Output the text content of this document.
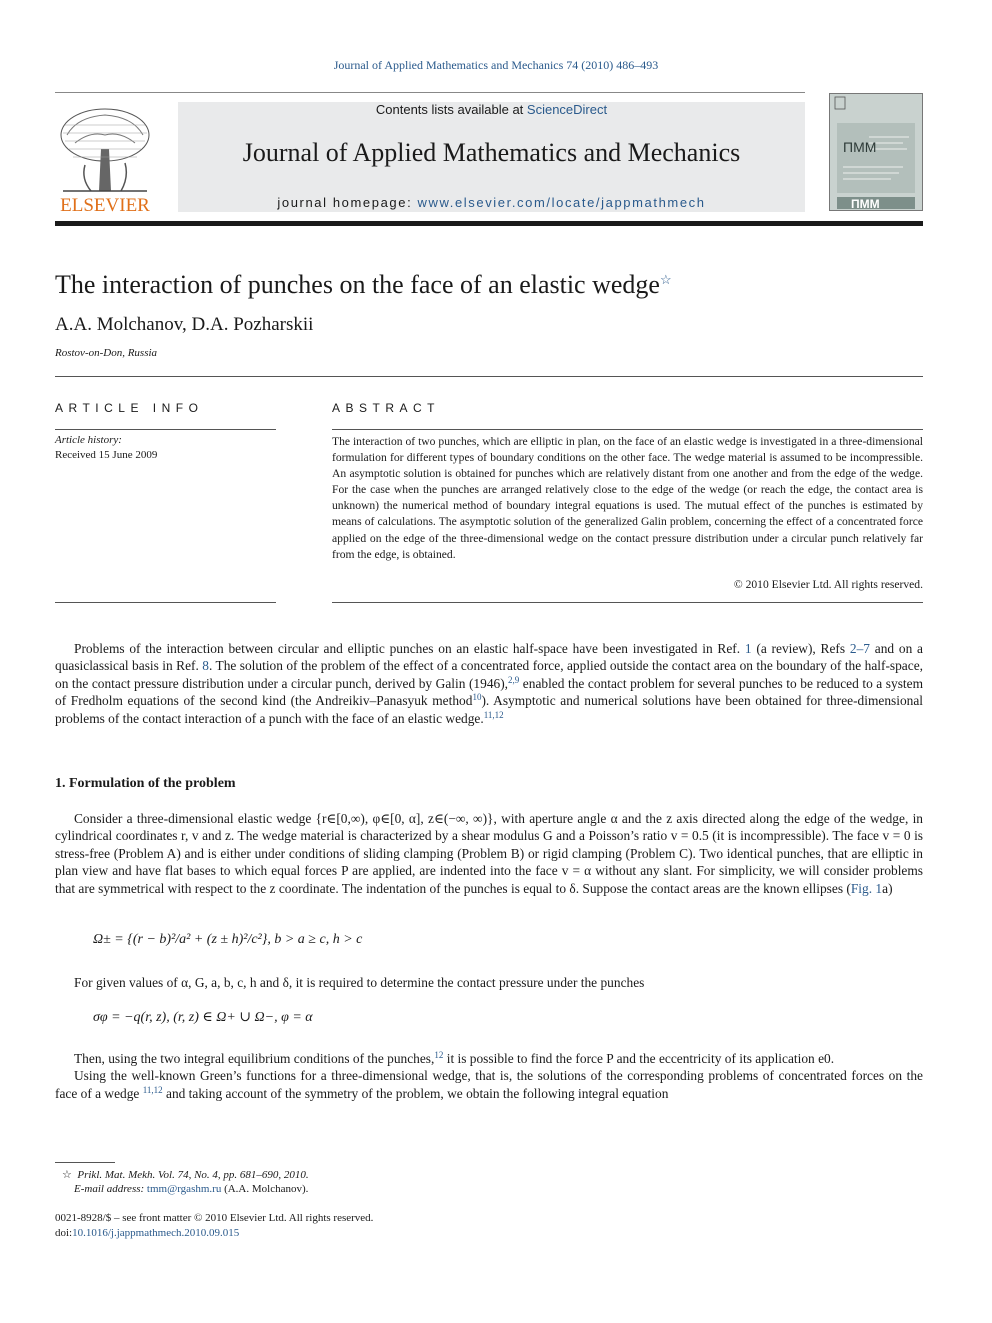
Journal of Applied Mathematics and Mechanics 74 (2010) 486–493
ELSEVIER
Contents lists available at ScienceDirect
Journal of Applied Mathematics and Mechanics
journal homepage: www.elsevier.com/locate/jappmathmech
ПММ
ПММ
The interaction of punches on the face of an elastic wedge☆
A.A. Molchanov, D.A. Pozharskii
Rostov-on-Don, Russia
ARTICLE INFO	ABSTRACT
Article history:
Received 15 June 2009
The interaction of two punches, which are elliptic in plan, on the face of an elastic wedge is investigated in a three-dimensional formulation for different types of boundary conditions on the other face. The wedge material is assumed to be incompressible. An asymptotic solution is obtained for punches which are relatively distant from one another and from the edge of the wedge. For the case when the punches are arranged relatively close to the edge of the wedge (or reach the edge, the contact area is unknown) the numerical method of boundary integral equations is used. The mutual effect of the punches is estimated by means of calculations. The asymptotic solution of the generalized Galin problem, concerning the effect of a concentrated force applied on the edge of the three-dimensional wedge on the contact pressure distribution under a circular punch relatively far from the edge, is obtained.
© 2010 Elsevier Ltd. All rights reserved.
Problems of the interaction between circular and elliptic punches on an elastic half-space have been investigated in Ref. 1 (a review), Refs 2–7 and on a quasiclassical basis in Ref. 8. The solution of the problem of the effect of a concentrated force, applied outside the contact area on the boundary of the half-space, on the contact pressure distribution under a circular punch, derived by Galin (1946),$^{2,9}$ enabled the contact problem for several punches to be reduced to a system of Fredholm equations of the second kind (the Andreikiv–Panasyuk method$^{10}$). Asymptotic and numerical solutions have been obtained for three-dimensional problems of the contact interaction of a punch with the face of an elastic wedge.$^{11,12}$
1. Formulation of the problem
Consider a three-dimensional elastic wedge {r∈[0,∞), φ∈[0, α], z∈(−∞, ∞)}, with aperture angle α and the z axis directed along the edge of the wedge, in cylindrical coordinates r, v and z. The wedge material is characterized by a shear modulus G and a Poisson’s ratio v = 0.5 (it is incompressible). The face v = 0 is stress-free (Problem A) and is either under conditions of sliding clamping (Problem B) or rigid clamping (Problem C). Two identical punches, that are elliptic in plan view and have flat bases to which equal forces P are applied, are indented into the face v = α without any slant. For simplicity, we will consider problems that are symmetrical with respect to the z coordinate. The indentation of the punches is equal to δ. Suppose the contact areas are the known ellipses (Fig. 1a)
Ω± = {(r − b)²/a² + (z ± h)²/c²}, b > a ≥ c, h > c
For given values of α, G, a, b, c, h and δ, it is required to determine the contact pressure under the punches
σφ = −q(r, z), (r, z) ∈ Ω+ ∪ Ω−, φ = α
Then, using the two integral equilibrium conditions of the punches,$^{12}$ it is possible to find the force P and the eccentricity of its application e0.
Using the well-known Green’s functions for a three-dimensional wedge, that is, the solutions of the corresponding problems of concentrated forces on the face of a wedge $^{11,12}$ and taking account of the symmetry of the problem, we obtain the following integral equation
☆ Prikl. Mat. Mekh. Vol. 74, No. 4, pp. 681–690, 2010.
E-mail address: tmm@rgashm.ru (A.A. Molchanov).
0021-8928/$ – see front matter © 2010 Elsevier Ltd. All rights reserved.
doi:10.1016/j.jappmathmech.2010.09.015
